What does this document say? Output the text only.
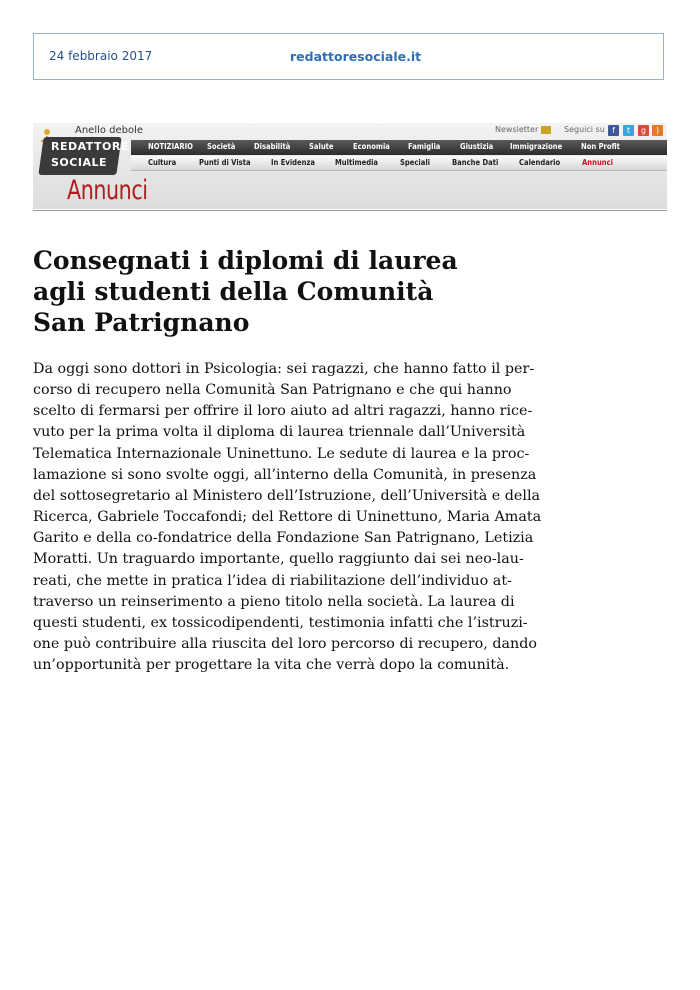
24 febbraio 2017	redattoresociale.it
Anello debole
REDATTORE
SOCIALE
Annunci
Newsletter	Seguici su f	t	g	)
NOTIZIARIO Società Disabilità Salute Economia Famiglia Giustizia Immigrazione Non Profit
Cultura	Punti di Vista	In Evidenza Multimedia	Speciali	Banche Dati	Calendario	Annunci
Consegnati i diplomi di laurea
agli studenti della Comunità
San Patrignano
Da oggi sono dottori in Psicologia: sei ragazzi, che hanno fatto il per-
corso di recupero nella Comunità San Patrignano e che qui hanno
scelto di fermarsi per offrire il loro aiuto ad altri ragazzi, hanno rice-
vuto per la prima volta il diploma di laurea triennale dall’Università
Telematica Internazionale Uninettuno. Le sedute di laurea e la proc-
lamazione si sono svolte oggi, all’interno della Comunità, in presenza
del sottosegretario al Ministero dell’Istruzione, dell’Università e della
Ricerca, Gabriele Toccafondi; del Rettore di Uninettuno, Maria Amata
Garito e della co-fondatrice della Fondazione San Patrignano, Letizia
Moratti. Un traguardo importante, quello raggiunto dai sei neo-lau-
reati, che mette in pratica l’idea di riabilitazione dell’individuo at-
traverso un reinserimento a pieno titolo nella società. La laurea di
questi studenti, ex tossicodipendenti, testimonia infatti che l’istruzi-
one può contribuire alla riuscita del loro percorso di recupero, dando
un’opportunità per progettare la vita che verrà dopo la comunità.
